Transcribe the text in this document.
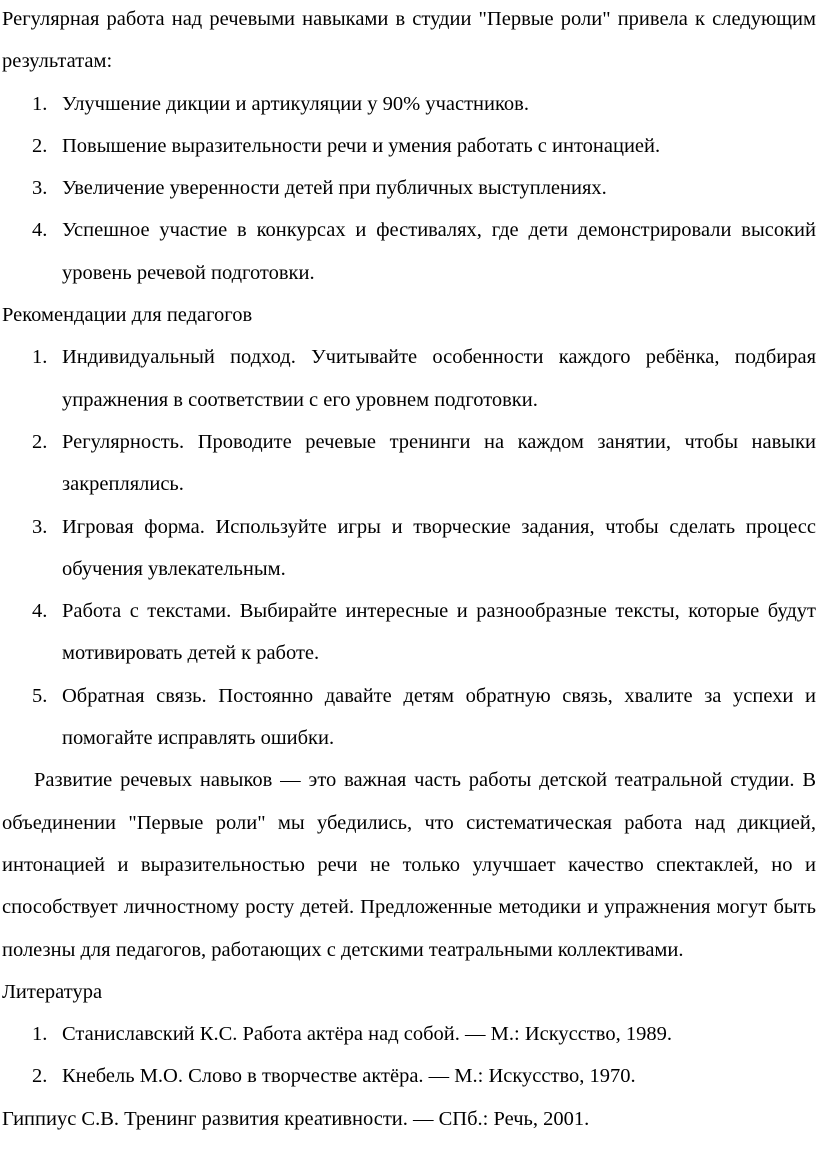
Регулярная работа над речевыми навыками в студии "Первые роли" привела к следующим результатам:

1. Улучшение дикции и артикуляции у 90% участников.
2. Повышение выразительности речи и умения работать с интонацией.
3. Увеличение уверенности детей при публичных выступлениях.
4. Успешное участие в конкурсах и фестивалях, где дети демонстрировали высокий уровень речевой подготовки.

Рекомендации для педагогов

1. Индивидуальный подход. Учитывайте особенности каждого ребёнка, подбирая упражнения в соответствии с его уровнем подготовки.
2. Регулярность. Проводите речевые тренинги на каждом занятии, чтобы навыки закреплялись.
3. Игровая форма. Используйте игры и творческие задания, чтобы сделать процесс обучения увлекательным.
4. Работа с текстами. Выбирайте интересные и разнообразные тексты, которые будут мотивировать детей к работе.
5. Обратная связь. Постоянно давайте детям обратную связь, хвалите за успехи и помогайте исправлять ошибки.

Развитие речевых навыков — это важная часть работы детской театральной студии. В объединении "Первые роли" мы убедились, что систематическая работа над дикцией, интонацией и выразительностью речи не только улучшает качество спектаклей, но и способствует личностному росту детей. Предложенные методики и упражнения могут быть полезны для педагогов, работающих с детскими театральными коллективами.

Литература

1. Станиславский К.С. Работа актёра над собой. — М.: Искусство, 1989.
2. Кнебель М.О. Слово в творчестве актёра. — М.: Искусство, 1970.

Гиппиус С.В. Тренинг развития креативности. — СПб.: Речь, 2001.
